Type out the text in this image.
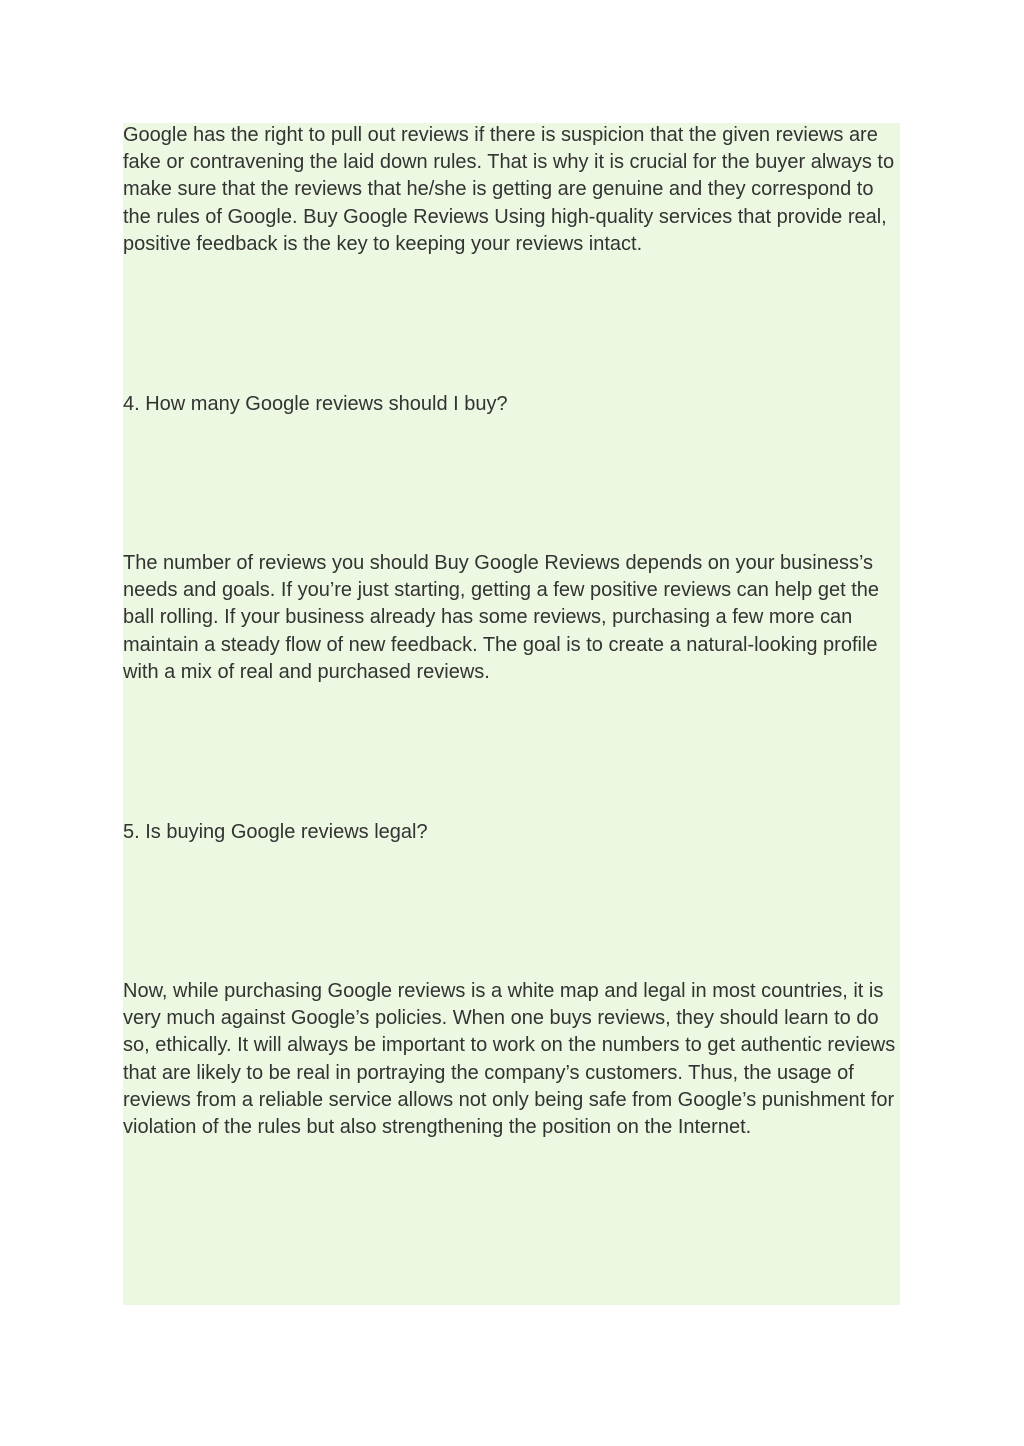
Google has the right to pull out reviews if there is suspicion that the given reviews are fake or contravening the laid down rules. That is why it is crucial for the buyer always to make sure that the reviews that he/she is getting are genuine and they correspond to the rules of Google. Buy Google Reviews Using high-quality services that provide real, positive feedback is the key to keeping your reviews intact.

4. How many Google reviews should I buy?

The number of reviews you should Buy Google Reviews depends on your business’s needs and goals. If you’re just starting, getting a few positive reviews can help get the ball rolling. If your business already has some reviews, purchasing a few more can maintain a steady flow of new feedback. The goal is to create a natural-looking profile with a mix of real and purchased reviews.

5. Is buying Google reviews legal?

Now, while purchasing Google reviews is a white map and legal in most countries, it is very much against Google’s policies. When one buys reviews, they should learn to do so, ethically. It will always be important to work on the numbers to get authentic reviews that are likely to be real in portraying the company’s customers. Thus, the usage of reviews from a reliable service allows not only being safe from Google’s punishment for violation of the rules but also strengthening the position on the Internet.
